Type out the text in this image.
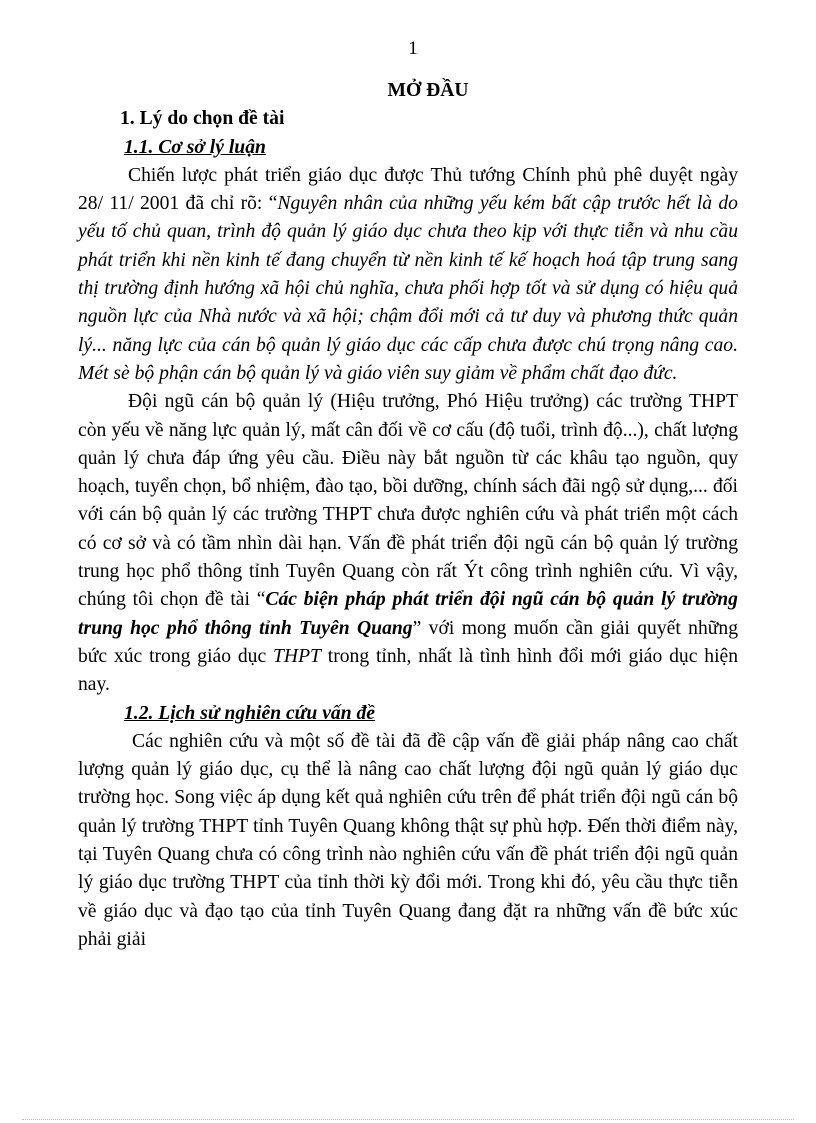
1

MỞ ĐẦU

1. Lý do chọn đề tài

1.1. Cơ sở lý luận

Chiến lược phát triển giáo dục được Thủ tướng Chính phủ phê duyệt ngày 28/ 11/ 2001 đã chỉ rõ: “Nguyên nhân của những yếu kém bất cập trước hết là do yếu tố chủ quan, trình độ quản lý giáo dục chưa theo kịp với thực tiễn và nhu cầu phát triển khi nền kinh tế đang chuyển từ nền kinh tế kế hoạch hoá tập trung sang thị trường định hướng xã hội chủ nghĩa, chưa phối hợp tốt và sử dụng có hiệu quả nguồn lực của Nhà nước và xã hội; chậm đổi mới cả tư duy và phương thức quản lý... năng lực của cán bộ quản lý giáo dục các cấp chưa được chú trọng nâng cao. Mét sè bộ phận cán bộ quản lý và giáo viên suy giảm về phẩm chất đạo đức.

Đội ngũ cán bộ quản lý (Hiệu trưởng, Phó Hiệu trưởng) các trường THPT còn yếu về năng lực quản lý, mất cân đối về cơ cấu (độ tuổi, trình độ...), chất lượng quản lý chưa đáp ứng yêu cầu. Điều này bắt nguồn từ các khâu tạo nguồn, quy hoạch, tuyển chọn, bổ nhiệm, đào tạo, bồi dưỡng, chính sách đãi ngộ sử dụng,... đối với cán bộ quản lý các trường THPT chưa được nghiên cứu và phát triển một cách có cơ sở và có tầm nhìn dài hạn. Vấn đề phát triển đội ngũ cán bộ quản lý trường trung học phổ thông tỉnh Tuyên Quang còn rất Ýt công trình nghiên cứu. Vì vậy, chúng tôi chọn đề tài “Các biện pháp phát triển đội ngũ cán bộ quản lý trường trung học phổ thông tỉnh Tuyên Quang” với mong muốn cần giải quyết những bức xúc trong giáo dục THPT trong tỉnh, nhất là tình hình đổi mới giáo dục hiện nay.

1.2. Lịch sử nghiên cứu vấn đề

Các nghiên cứu và một số đề tài đã đề cập vấn đề giải pháp nâng cao chất lượng quản lý giáo dục, cụ thể là nâng cao chất lượng đội ngũ quản lý giáo dục trường học. Song việc áp dụng kết quả nghiên cứu trên để phát triển đội ngũ cán bộ quản lý trường THPT tỉnh Tuyên Quang không thật sự phù hợp. Đến thời điểm này, tại Tuyên Quang chưa có công trình nào nghiên cứu vấn đề phát triển đội ngũ quản lý giáo dục trường THPT của tỉnh thời kỳ đổi mới. Trong khi đó, yêu cầu thực tiễn về giáo dục và đạo tạo của tỉnh Tuyên Quang đang đặt ra những vấn đề bức xúc phải giải
